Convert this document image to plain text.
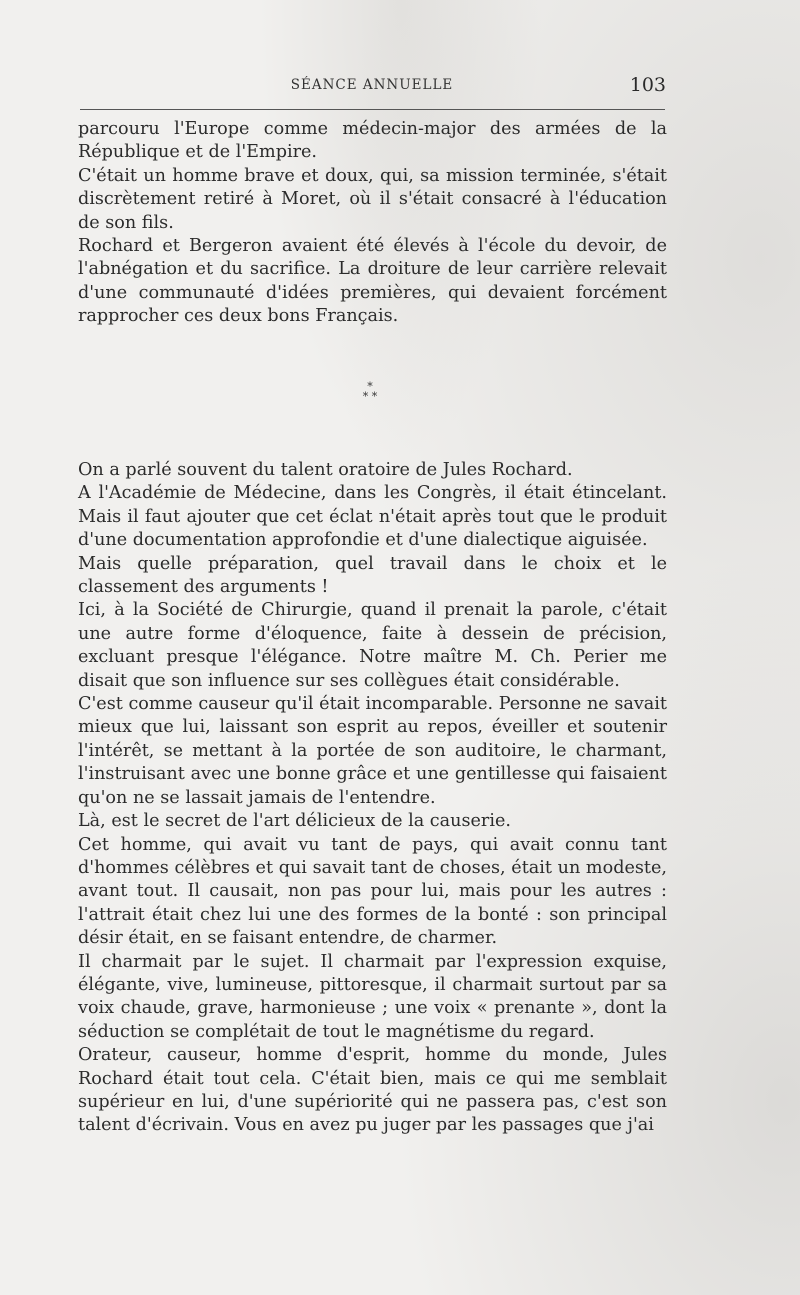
SÉANCE ANNUELLE	103

parcouru l'Europe comme médecin-major des armées de la République et de l'Empire.

C'était un homme brave et doux, qui, sa mission terminée, s'était discrètement retiré à Moret, où il s'était consacré à l'éducation de son fils.

Rochard et Bergeron avaient été élevés à l'école du devoir, de l'abnégation et du sacrifice. La droiture de leur carrière relevait d'une communauté d'idées premières, qui devaient forcément rapprocher ces deux bons Français.

*
* *

On a parlé souvent du talent oratoire de Jules Rochard.

A l'Académie de Médecine, dans les Congrès, il était étincelant. Mais il faut ajouter que cet éclat n'était après tout que le produit d'une documentation approfondie et d'une dialectique aiguisée.

Mais quelle préparation, quel travail dans le choix et le classement des arguments !

Ici, à la Société de Chirurgie, quand il prenait la parole, c'était une autre forme d'éloquence, faite à dessein de précision, excluant presque l'élégance. Notre maître M. Ch. Perier me disait que son influence sur ses collègues était considérable.

C'est comme causeur qu'il était incomparable. Personne ne savait mieux que lui, laissant son esprit au repos, éveiller et soutenir l'intérêt, se mettant à la portée de son auditoire, le charmant, l'instruisant avec une bonne grâce et une gentillesse qui faisaient qu'on ne se lassait jamais de l'entendre.

Là, est le secret de l'art délicieux de la causerie.

Cet homme, qui avait vu tant de pays, qui avait connu tant d'hommes célèbres et qui savait tant de choses, était un modeste, avant tout. Il causait, non pas pour lui, mais pour les autres : l'attrait était chez lui une des formes de la bonté : son principal désir était, en se faisant entendre, de charmer.

Il charmait par le sujet. Il charmait par l'expression exquise, élégante, vive, lumineuse, pittoresque, il charmait surtout par sa voix chaude, grave, harmonieuse ; une voix « prenante », dont la séduction se complétait de tout le magnétisme du regard.

Orateur, causeur, homme d'esprit, homme du monde, Jules Rochard était tout cela. C'était bien, mais ce qui me semblait supérieur en lui, d'une supériorité qui ne passera pas, c'est son talent d'écrivain. Vous en avez pu juger par les passages que j'ai
